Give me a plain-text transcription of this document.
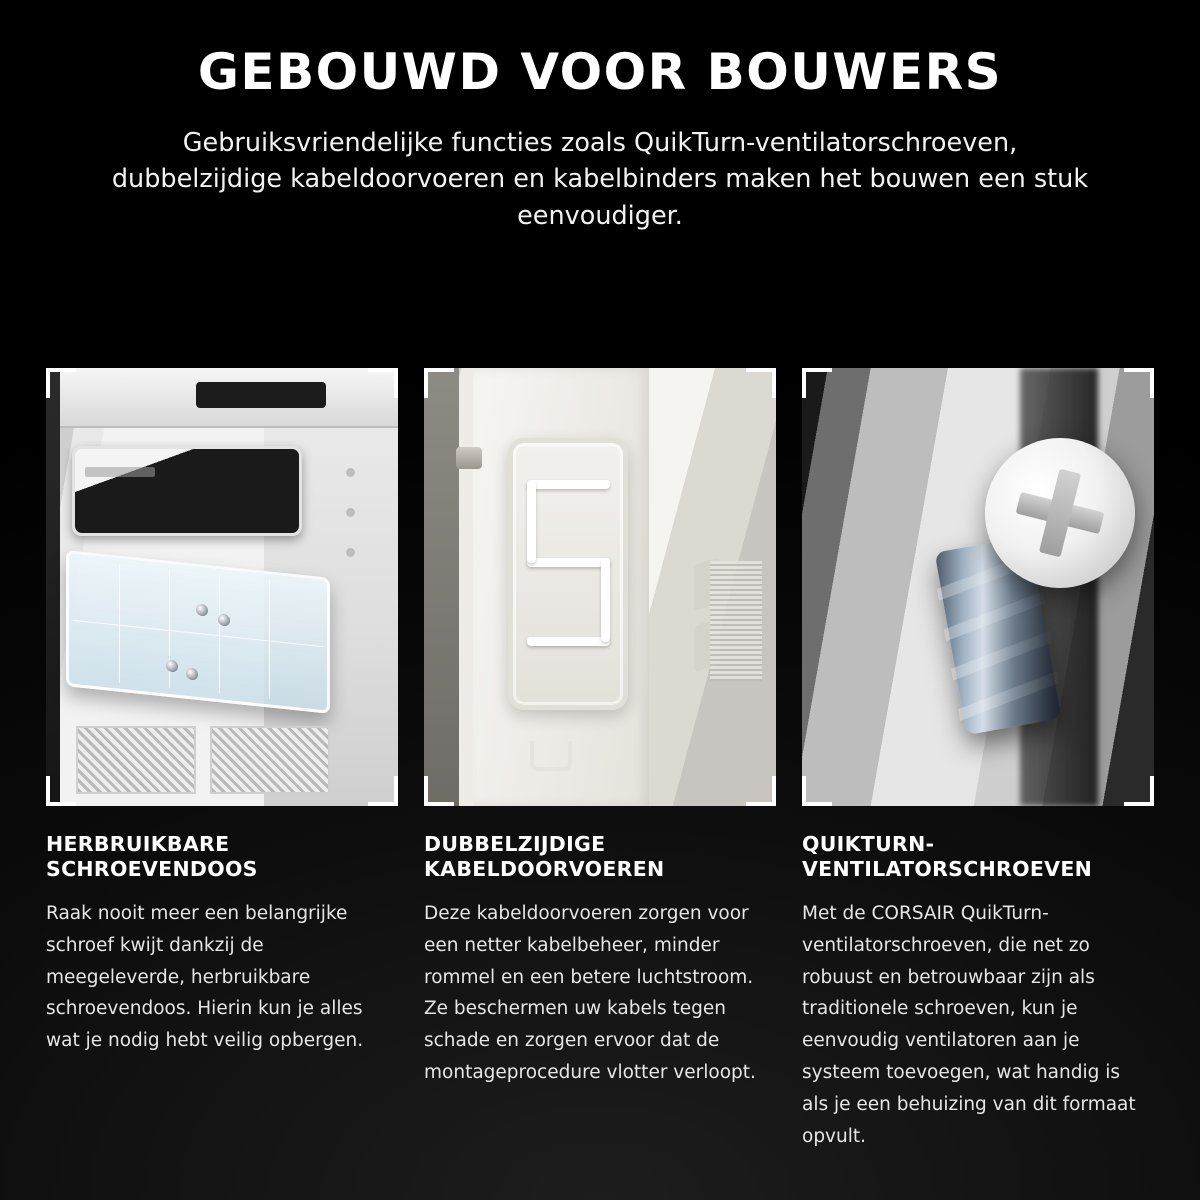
GEBOUWD VOOR BOUWERS

Gebruiksvriendelijke functies zoals QuikTurn-ventilatorschroeven, dubbelzijdige kabeldoorvoeren en kabelbinders maken het bouwen een stuk eenvoudiger.

HERBRUIKBARE SCHROEVENDOOS

Raak nooit meer een belangrijke schroef kwijt dankzij de meegeleverde, herbruikbare schroevendoos. Hierin kun je alles wat je nodig hebt veilig opbergen.

DUBBELZIJDIGE KABELDOORVOEREN

Deze kabeldoorvoeren zorgen voor een netter kabelbeheer, minder rommel en een betere luchtstroom. Ze beschermen uw kabels tegen schade en zorgen ervoor dat de montageprocedure vlotter verloopt.

QUIKTURN-VENTILATORSCHROEVEN

Met de CORSAIR QuikTurn-ventilatorschroeven, die net zo robuust en betrouwbaar zijn als traditionele schroeven, kun je eenvoudig ventilatoren aan je systeem toevoegen, wat handig is als je een behuizing van dit formaat opvult.
